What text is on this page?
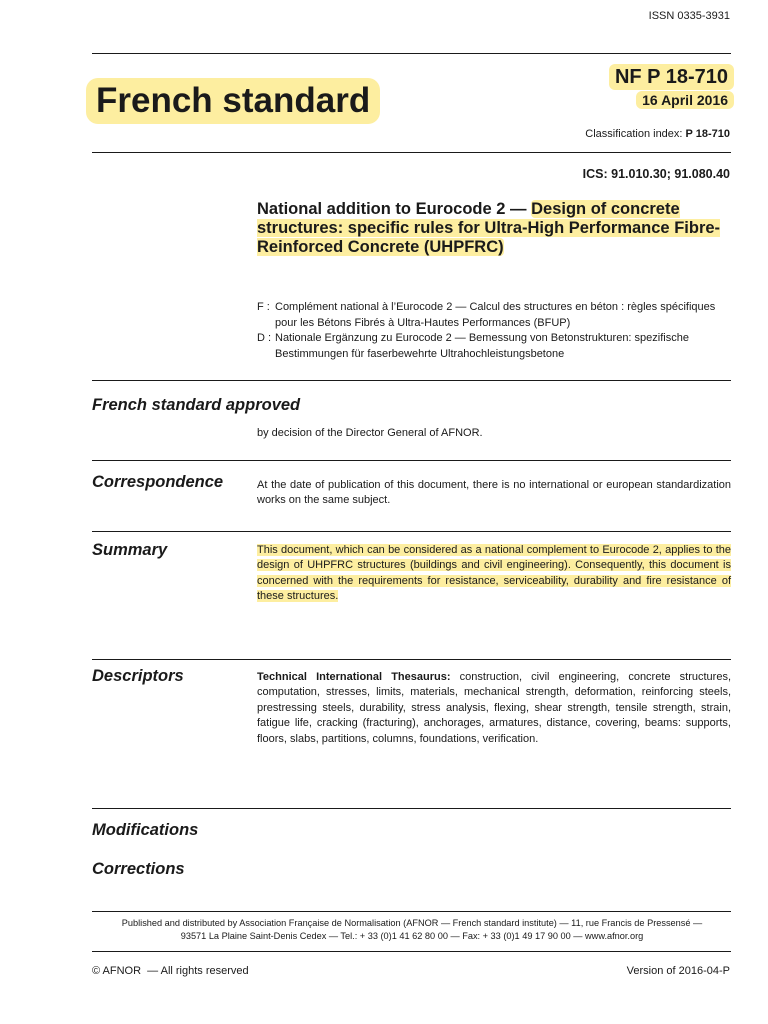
ISSN 0335-3931
French standard
NF P 18-710
16 April 2016
Classification index: P 18-710
ICS: 91.010.30; 91.080.40
National addition to Eurocode 2 — Design of concrete structures: specific rules for Ultra-High Performance Fibre-Reinforced Concrete (UHPFRC)
F : Complément national à l’Eurocode 2 — Calcul des structures en béton : règles spécifiques pour les Bétons Fibrés à Ultra-Hautes Performances (BFUP)
D : Nationale Ergänzung zu Eurocode 2 — Bemessung von Betonstrukturen: spezifische Bestimmungen für faserbewehrte Ultrahochleistungsbetone
French standard approved
by decision of the Director General of AFNOR.
Correspondence	At the date of publication of this document, there is no international or european standardization works on the same subject.
Summary	This document, which can be considered as a national complement to Eurocode 2, applies to the design of UHPFRC structures (buildings and civil engineering). Consequently, this document is concerned with the requirements for resistance, serviceability, durability and fire resistance of these structures.
Descriptors	Technical International Thesaurus: construction, civil engineering, concrete structures, computation, stresses, limits, materials, mechanical strength, deformation, reinforcing steels, prestressing steels, durability, stress analysis, flexing, shear strength, tensile strength, strain, fatigue life, cracking (fracturing), anchorages, armatures, distance, covering, beams: supports, floors, slabs, partitions, columns, foundations, verification.
Modifications
Corrections
Published and distributed by Association Française de Normalisation (AFNOR — French standard institute) — 11, rue Francis de Pressensé —
93571 La Plaine Saint-Denis Cedex — Tel.: + 33 (0)1 41 62 80 00 — Fax: + 33 (0)1 49 17 90 00 — www.afnor.org
© AFNOR  — All rights reserved	Version of 2016-04-P
